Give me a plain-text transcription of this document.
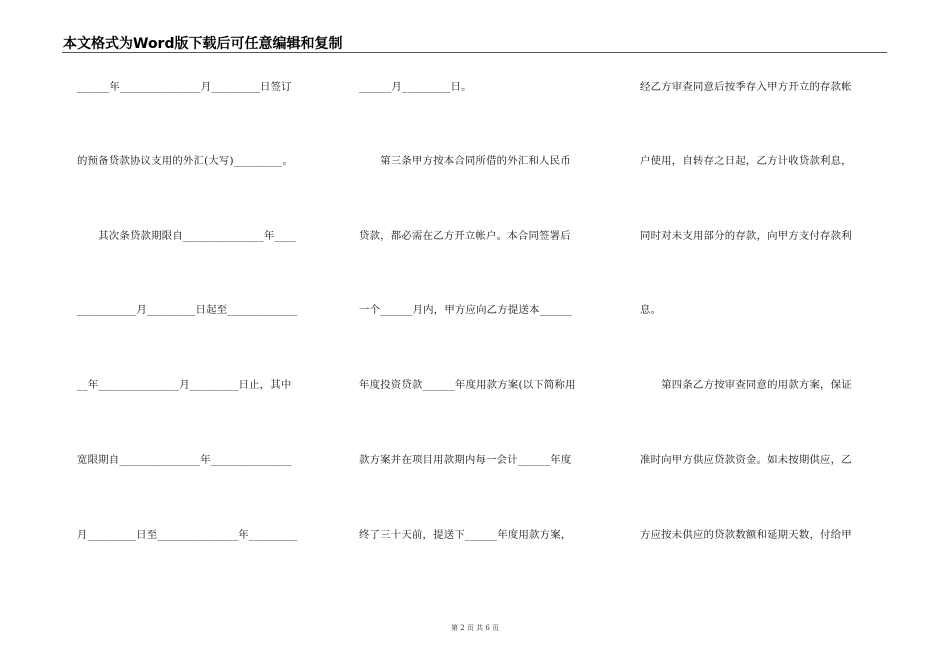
本文格式为Word版下载后可任意编辑和复制
______年_______________月_________日签订
的预备贷款协议支用的外汇(大写)_________。
　　其次条贷款期限自_______________年____
___________月_________日起至_____________
__年_______________月_________日止，其中
宽限期自_______________年_______________
月_________日至_______________年_________
______月_________日。
　　第三条甲方按本合同所借的外汇和人民币
贷款，都必需在乙方开立帐户。本合同签署后
一个______月内，甲方应向乙方提送本______
年度投资贷款______年度用款方案(以下简称用
款方案并在项目用款期内每一会计______年度
终了三十天前，提送下______年度用款方案，
经乙方审查同意后按季存入甲方开立的存款帐
户使用，自转存之日起，乙方计收贷款利息，
同时对未支用部分的存款，向甲方支付存款利
息。
　　第四条乙方按审查同意的用款方案，保证
准时向甲方供应贷款资金。如未按期供应，乙
方应按未供应的贷款数额和延期天数，付给甲
第 2 页 共 6 页
